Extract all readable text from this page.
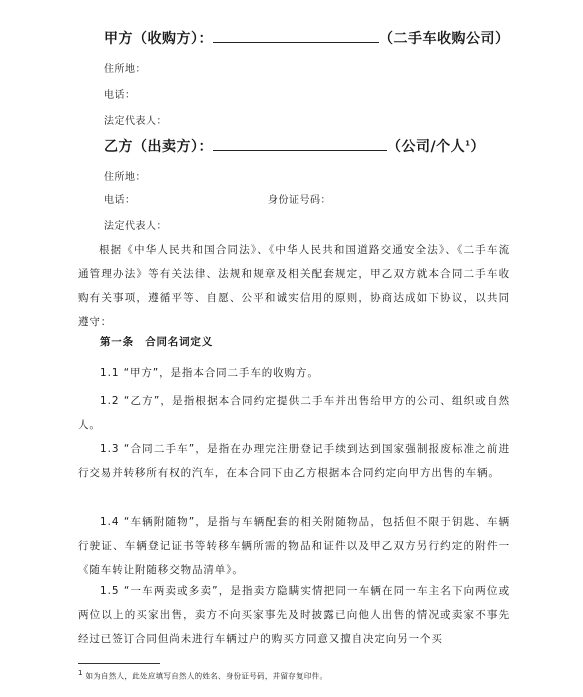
甲方（收购方）：	（二手车收购公司）
住所地：
电话：
法定代表人：
乙方（出卖方）：	（公司/个人$^1$）
住所地：
电话：	身份证号码：
法定代表人：
根据《中华人民共和国合同法》、《中华人民共和国道路交通安全法》、《二手车流通管理办法》等有关法律、法规和规章及相关配套规定，甲乙双方就本合同二手车收购有关事项，遵循平等、自愿、公平和诚实信用的原则，协商达成如下协议，以共同遵守：
第一条　合同名词定义
1.1 “甲方”，是指本合同二手车的收购方。
1.2 “乙方”，是指根据本合同约定提供二手车并出售给甲方的公司、组织或自然人。
1.3 “合同二手车”，是指在办理完注册登记手续到达到国家强制报废标准之前进行交易并转移所有权的汽车，在本合同下由乙方根据本合同约定向甲方出售的车辆。
1.4 “车辆附随物”，是指与车辆配套的相关附随物品，包括但不限于钥匙、车辆行驶证、车辆登记证书等转移车辆所需的物品和证件以及甲乙双方另行约定的附件一《随车转让附随移交物品清单》。
1.5 “一车两卖或多卖”，是指卖方隐瞒实情把同一车辆在同一车主名下向两位或两位以上的买家出售，卖方不向买家事先及时披露已向他人出售的情况或卖家不事先经过已签订合同但尚未进行车辆过户的购买方同意又擅自决定向另一个买
$^1$ 如为自然人，此处应填写自然人的姓名、身份证号码，并留存复印件。
